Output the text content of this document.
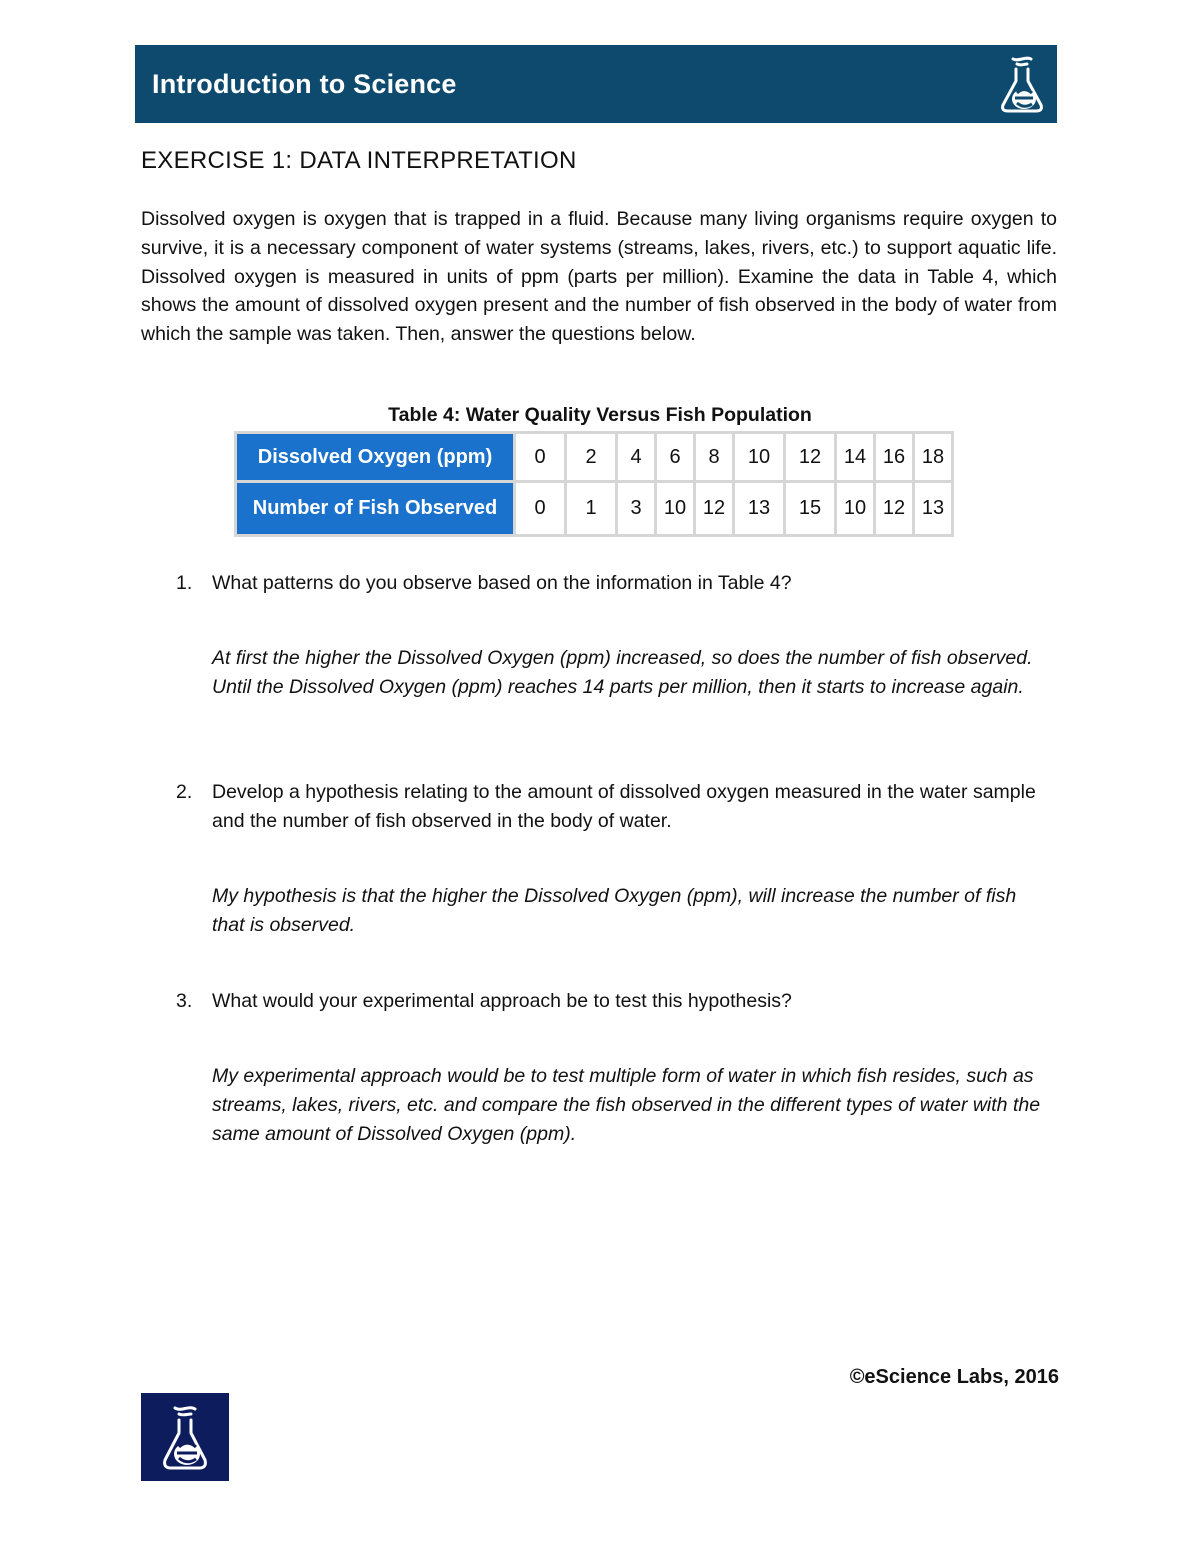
Introduction to Science
EXERCISE 1: DATA INTERPRETATION

Dissolved oxygen is oxygen that is trapped in a fluid. Because many living organisms require oxygen to survive, it is a necessary component of water systems (streams, lakes, rivers, etc.) to support aquatic life. Dissolved oxygen is measured in units of ppm (parts per million). Examine the data in Table 4, which shows the amount of dissolved oxygen present and the number of fish observed in the body of water from which the sample was taken. Then, answer the questions below.

Table 4: Water Quality Versus Fish Population
Dissolved Oxygen (ppm)	0	2	4	6	8	10	12	14	16	18
Number of Fish Observed	0	1	3	10	12	13	15	10	12	13
1. What patterns do you observe based on the information in Table 4?
At first the higher the Dissolved Oxygen (ppm) increased, so does the number of fish observed. Until the Dissolved Oxygen (ppm) reaches 14 parts per million, then it starts to increase again.
2. Develop a hypothesis relating to the amount of dissolved oxygen measured in the water sample and the number of fish observed in the body of water.
My hypothesis is that the higher the Dissolved Oxygen (ppm), will increase the number of fish that is observed.
3. What would your experimental approach be to test this hypothesis?
My experimental approach would be to test multiple form of water in which fish resides, such as streams, lakes, rivers, etc. and compare the fish observed in the different types of water with the same amount of Dissolved Oxygen (ppm).
©eScience Labs, 2016
